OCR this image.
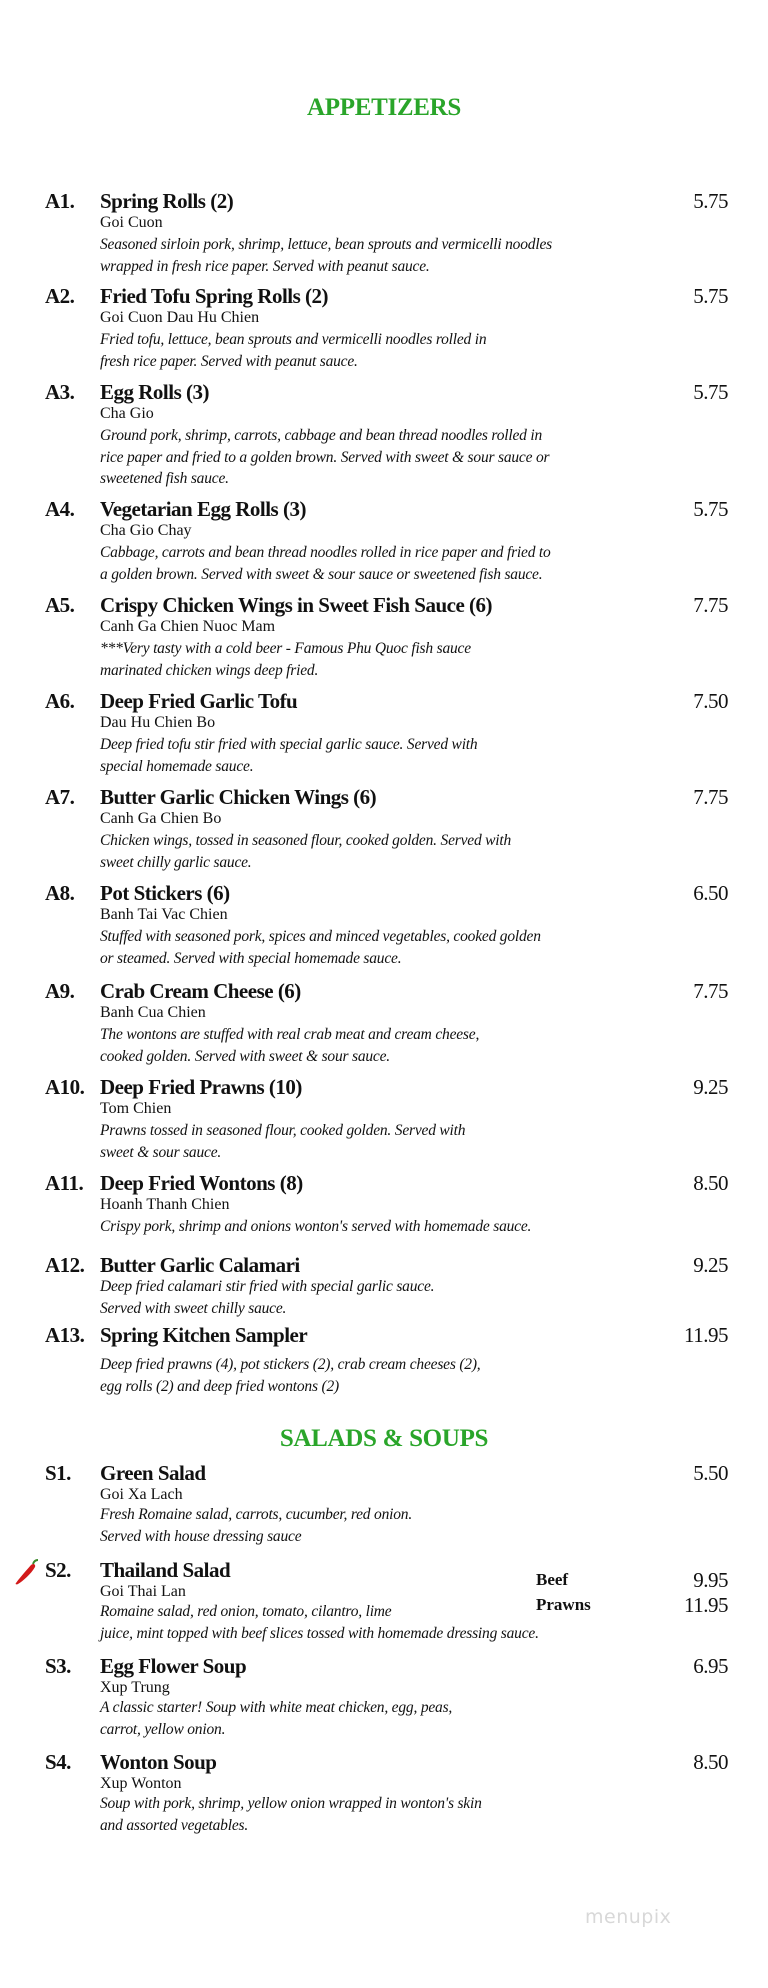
APPETIZERS
SALADS & SOUPS
A1. Spring Rolls (2)	5.75
Goi Cuon
Seasoned sirloin pork, shrimp, lettuce, bean sprouts and vermicelli noodles
wrapped in fresh rice paper. Served with peanut sauce.
A2. Fried Tofu Spring Rolls (2)	5.75
Goi Cuon Dau Hu Chien
Fried tofu, lettuce, bean sprouts and vermicelli noodles rolled in
fresh rice paper. Served with peanut sauce.
A3. Egg Rolls (3)	5.75
Cha Gio
Ground pork, shrimp, carrots, cabbage and bean thread noodles rolled in
rice paper and fried to a golden brown. Served with sweet & sour sauce or
sweetened fish sauce.
A4. Vegetarian Egg Rolls (3)	5.75
Cha Gio Chay
Cabbage, carrots and bean thread noodles rolled in rice paper and fried to
a golden brown. Served with sweet & sour sauce or sweetened fish sauce.
A5. Crispy Chicken Wings in Sweet Fish Sauce (6)	7.75
Canh Ga Chien Nuoc Mam
***Very tasty with a cold beer - Famous Phu Quoc fish sauce
marinated chicken wings deep fried.
A6. Deep Fried Garlic Tofu	7.50
Dau Hu Chien Bo
Deep fried tofu stir fried with special garlic sauce. Served with
special homemade sauce.
A7. Butter Garlic Chicken Wings (6)	7.75
Canh Ga Chien Bo
Chicken wings, tossed in seasoned flour, cooked golden. Served with
sweet chilly garlic sauce.
A8. Pot Stickers (6)	6.50
Banh Tai Vac Chien
Stuffed with seasoned pork, spices and minced vegetables, cooked golden
or steamed. Served with special homemade sauce.
A9. Crab Cream Cheese (6)	7.75
Banh Cua Chien
The wontons are stuffed with real crab meat and cream cheese,
cooked golden. Served with sweet & sour sauce.
A10. Deep Fried Prawns (10)	9.25
Tom Chien
Prawns tossed in seasoned flour, cooked golden. Served with
sweet & sour sauce.
A11. Deep Fried Wontons (8)	8.50
Hoanh Thanh Chien
Crispy pork, shrimp and onions wonton's served with homemade sauce.
A12. Butter Garlic Calamari	9.25
Deep fried calamari stir fried with special garlic sauce.
Served with sweet chilly sauce.
A13. Spring Kitchen Sampler	11.95
Deep fried prawns (4), pot stickers (2), crab cream cheeses (2),
egg rolls (2) and deep fried wontons (2)
S1. Green Salad	5.50
Goi Xa Lach
Fresh Romaine salad, carrots, cucumber, red onion.
Served with house dressing sauce
S2. Thailand Salad
Goi Thai Lan
Romaine salad, red onion, tomato, cilantro, lime
juice, mint topped with beef slices tossed with homemade dressing sauce.
Beef	9.95
Prawns	11.95
S3. Egg Flower Soup	6.95
Xup Trung
A classic starter! Soup with white meat chicken, egg, peas,
carrot, yellow onion.
S4. Wonton Soup	8.50
Xup Wonton
Soup with pork, shrimp, yellow onion wrapped in wonton's skin
and assorted vegetables.
menupix
